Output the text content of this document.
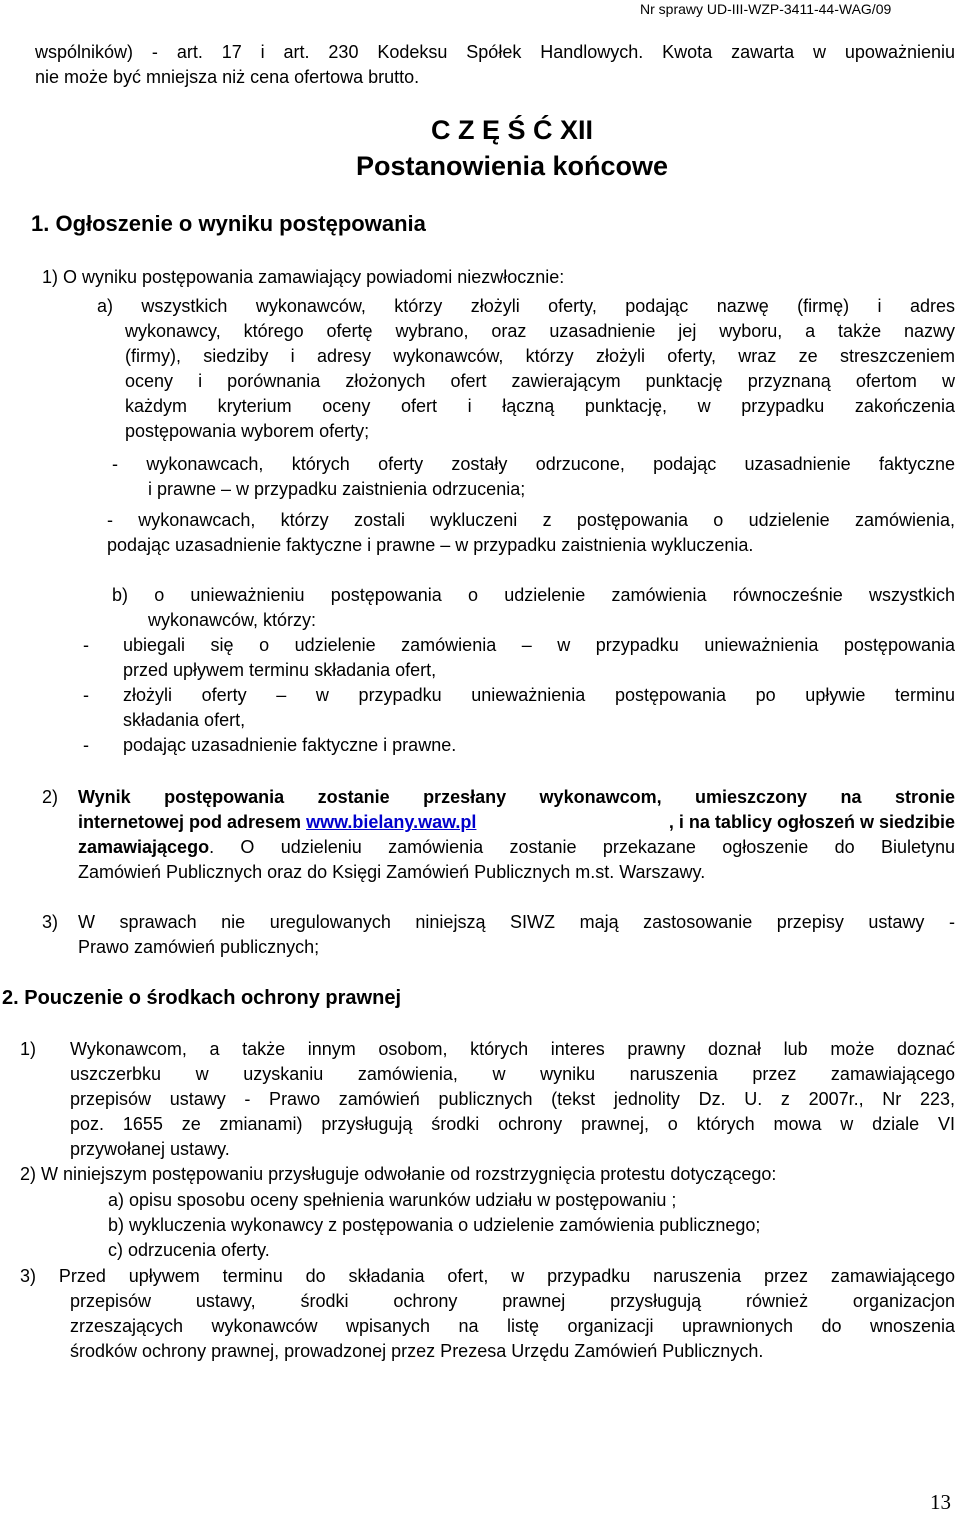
Nr sprawy UD-III-WZP-3411-44-WAG/09
wspólników) - art. 17 i art. 230 Kodeksu Spółek Handlowych. Kwota zawarta w upoważnieniu
nie może być mniejsza niż cena ofertowa brutto.
C Z Ę Ś Ć XII
Postanowienia końcowe
1. Ogłoszenie o wyniku postępowania
1) O wyniku postępowania zamawiający powiadomi niezwłocznie:
a) wszystkich wykonawców, którzy złożyli oferty, podając nazwę (firmę) i adres
wykonawcy, którego ofertę wybrano, oraz uzasadnienie jej wyboru, a także nazwy
(firmy), siedziby i adresy wykonawców, którzy złożyli oferty, wraz ze streszczeniem
oceny i porównania złożonych ofert zawierającym punktację przyznaną ofertom w
każdym kryterium oceny ofert i łączną punktację, w przypadku zakończenia
postępowania wyborem oferty;
- wykonawcach, których oferty zostały odrzucone, podając uzasadnienie faktyczne
i prawne – w przypadku zaistnienia odrzucenia;
- wykonawcach, którzy zostali wykluczeni z postępowania o udzielenie zamówienia,
podając uzasadnienie faktyczne i prawne – w przypadku zaistnienia wykluczenia.
b) o unieważnieniu postępowania o udzielenie zamówienia równocześnie wszystkich
wykonawców, którzy:
- ubiegali się o udzielenie zamówienia – w przypadku unieważnienia postępowania
przed upływem terminu składania ofert,
- złożyli oferty – w przypadku unieważnienia postępowania po upływie terminu
składania ofert,
- podając uzasadnienie faktyczne i prawne.
2) Wynik postępowania zostanie przesłany wykonawcom, umieszczony na stronie
internetowej pod adresem www.bielany.waw.pl	, i na tablicy ogłoszeń w siedzibie
zamawiającego . O udzieleniu zamówienia zostanie przekazane ogłoszenie do Biuletynu
Zamówień Publicznych oraz do Księgi Zamówień Publicznych m.st. Warszawy.
3) W sprawach nie uregulowanych niniejszą SIWZ mają zastosowanie przepisy ustawy -
Prawo zamówień publicznych;
2. Pouczenie o środkach ochrony prawnej
1) Wykonawcom, a także innym osobom, których interes prawny doznał lub może doznać
uszczerbku w uzyskaniu zamówienia, w wyniku naruszenia przez zamawiającego
przepisów ustawy - Prawo zamówień publicznych (tekst jednolity Dz. U. z 2007r., Nr 223,
poz. 1655 ze zmianami) przysługują środki ochrony prawnej, o których mowa w dziale VI
przywołanej ustawy.
2) W niniejszym postępowaniu przysługuje odwołanie od rozstrzygnięcia protestu dotyczącego:
a) opisu sposobu oceny spełnienia warunków udziału w postępowaniu ;
b) wykluczenia wykonawcy z postępowania o udzielenie zamówienia publicznego;
c) odrzucenia oferty.
3) Przed upływem terminu do składania ofert, w przypadku naruszenia przez zamawiającego
przepisów ustawy, środki ochrony prawnej przysługują również organizacjon
zrzeszających wykonawców wpisanych na listę organizacji uprawnionych do wnoszenia
środków ochrony prawnej, prowadzonej przez Prezesa Urzędu Zamówień Publicznych.
13
